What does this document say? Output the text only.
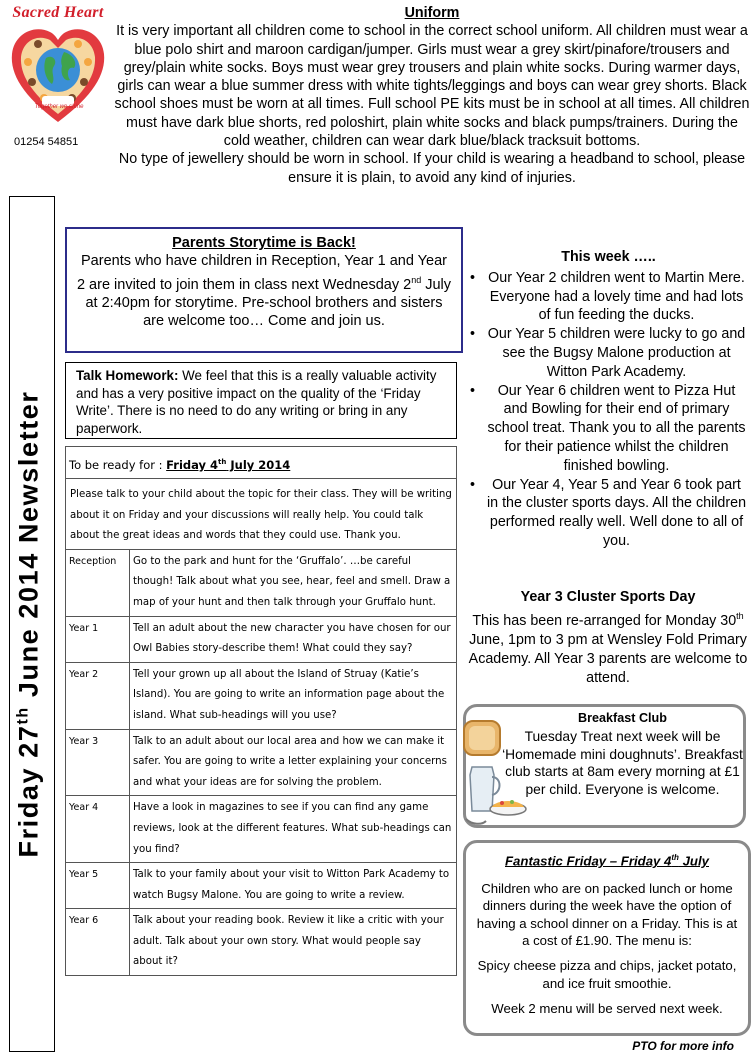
Sacred Heart
Together we shine
01254 54851
Uniform
It is very important all children come to school in the correct school uniform. All children must wear a blue polo shirt and maroon cardigan/jumper. Girls must wear a grey skirt/pinafore/trousers and grey/plain white socks. Boys must wear grey trousers and plain white socks. During warmer days, girls can wear a blue summer dress with white tights/leggings and boys can wear grey shorts. Black school shoes must be worn at all times. Full school PE kits must be in school at all times. All children must have dark blue shorts, red poloshirt, plain white socks and black pumps/trainers. During the cold weather, children can wear dark blue/black tracksuit bottoms.
No type of jewellery should be worn in school. If your child is wearing a headband to school, please ensure it is plain, to avoid any kind of injuries.
Friday 27th June 2014 Newsletter
Parents Storytime is Back!
Parents who have children in Reception, Year 1 and Year 2 are invited to join them in class next Wednesday 2nd July at 2:40pm for storytime. Pre-school brothers and sisters are welcome too… Come and join us.
Talk Homework: We feel that this is a really valuable activity and has a very positive impact on the quality of the ‘Friday Write’. There is no need to do any writing or bring in any paperwork.
To be ready for : Friday 4th July 2014	
Please talk to your child about the topic for their class. They will be writing about it on Friday and your discussions will really help. You could talk about the great ideas and words that they could use. Thank you.	
Reception	Go to the park and hunt for the ‘Gruffalo’. …be careful though! Talk about what you see, hear, feel and smell. Draw a map of your hunt and then talk through your Gruffalo hunt.
Year 1	Tell an adult about the new character you have chosen for our Owl Babies story-describe them! What could they say?
Year 2	Tell your grown up all about the Island of Struay (Katie’s Island). You are going to write an information page about the island. What sub-headings will you use?
Year 3	Talk to an adult about our local area and how we can make it safer. You are going to write a letter explaining your concerns and what your ideas are for solving the problem.
Year 4	Have a look in magazines to see if you can find any game reviews, look at the different features. What sub-headings can you find?
Year 5	Talk to your family about your visit to Witton Park Academy to watch Bugsy Malone. You are going to write a review.
Year 6	Talk about your reading book. Review it like a critic with your adult. Talk about your own story. What would people say about it?
This week …..
• Our Year 2 children went to Martin Mere. Everyone had a lovely time and had lots of fun feeding the ducks.
• Our Year 5 children were lucky to go and see the Bugsy Malone production at Witton Park Academy.
• Our Year 6 children went to Pizza Hut and Bowling for their end of primary school treat. Thank you to all the parents for their patience whilst the children finished bowling.
• Our Year 4, Year 5 and Year 6 took part in the cluster sports days. All the children performed really well. Well done to all of you.
Year 3 Cluster Sports Day
This has been re-arranged for Monday 30th June, 1pm to 3 pm at Wensley Fold Primary Academy. All Year 3 parents are welcome to attend.
Breakfast Club
Tuesday Treat next week will be ‘Homemade mini doughnuts’. Breakfast club starts at 8am every morning at £1 per child. Everyone is welcome.
Fantastic Friday – Friday 4th July

Children who are on packed lunch or home dinners during the week have the option of having a school dinner on a Friday. This is at a cost of £1.90. The menu is:

Spicy cheese pizza and chips, jacket potato, and ice fruit smoothie.

Week 2 menu will be served next week.

PTO for more info
